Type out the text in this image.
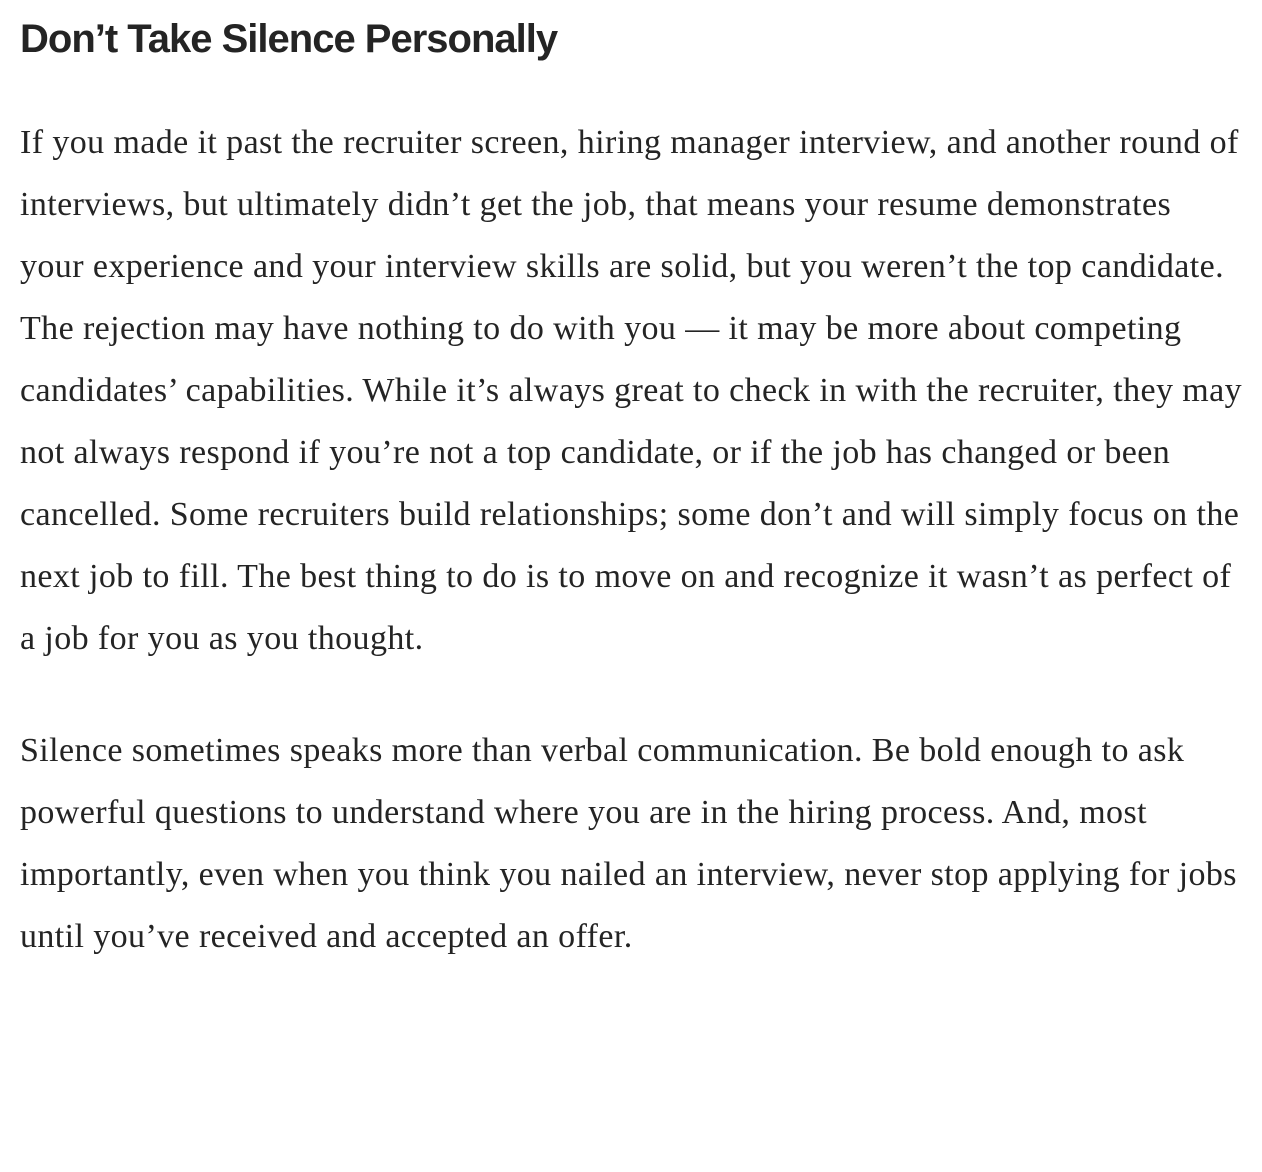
Don’t Take Silence Personally

If you made it past the recruiter screen, hiring manager interview, and another round of interviews, but ultimately didn’t get the job, that means your resume demonstrates your experience and your interview skills are solid, but you weren’t the top candidate. The rejection may have nothing to do with you — it may be more about competing candidates’ capabilities. While it’s always great to check in with the recruiter, they may not always respond if you’re not a top candidate, or if the job has changed or been cancelled. Some recruiters build relationships; some don’t and will simply focus on the next job to fill. The best thing to do is to move on and recognize it wasn’t as perfect of a job for you as you thought.

Silence sometimes speaks more than verbal communication. Be bold enough to ask powerful questions to understand where you are in the hiring process. And, most importantly, even when you think you nailed an interview, never stop applying for jobs until you’ve received and accepted an offer.
